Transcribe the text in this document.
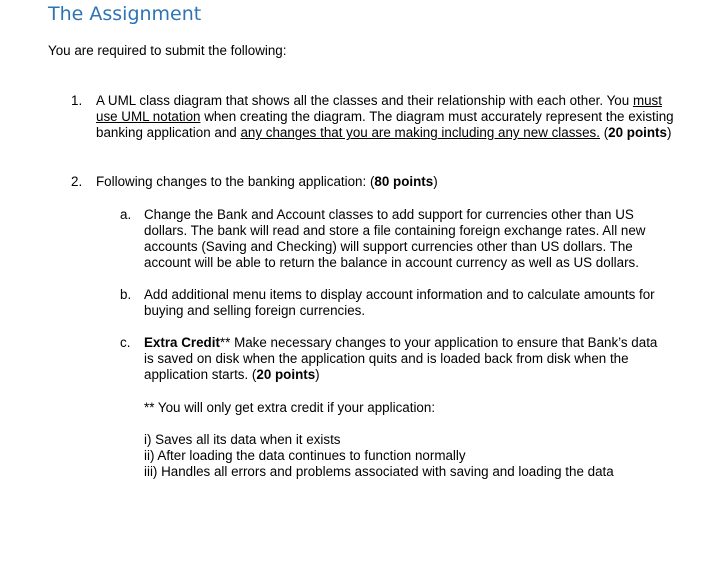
The Assignment
You are required to submit the following:
1. A UML class diagram that shows all the classes and their relationship with each other. You must use UML notation when creating the diagram. The diagram must accurately represent the existing banking application and any changes that you are making including any new classes. (20 points)
2. Following changes to the banking application: (80 points)
a. Change the Bank and Account classes to add support for currencies other than US dollars. The bank will read and store a file containing foreign exchange rates. All new accounts (Saving and Checking) will support currencies other than US dollars. The account will be able to return the balance in account currency as well as US dollars.
b. Add additional menu items to display account information and to calculate amounts for buying and selling foreign currencies.
c. Extra Credit** Make necessary changes to your application to ensure that Bank’s data is saved on disk when the application quits and is loaded back from disk when the application starts. (20 points)
** You will only get extra credit if your application:
i) Saves all its data when it exists
ii) After loading the data continues to function normally
iii) Handles all errors and problems associated with saving and loading the data
